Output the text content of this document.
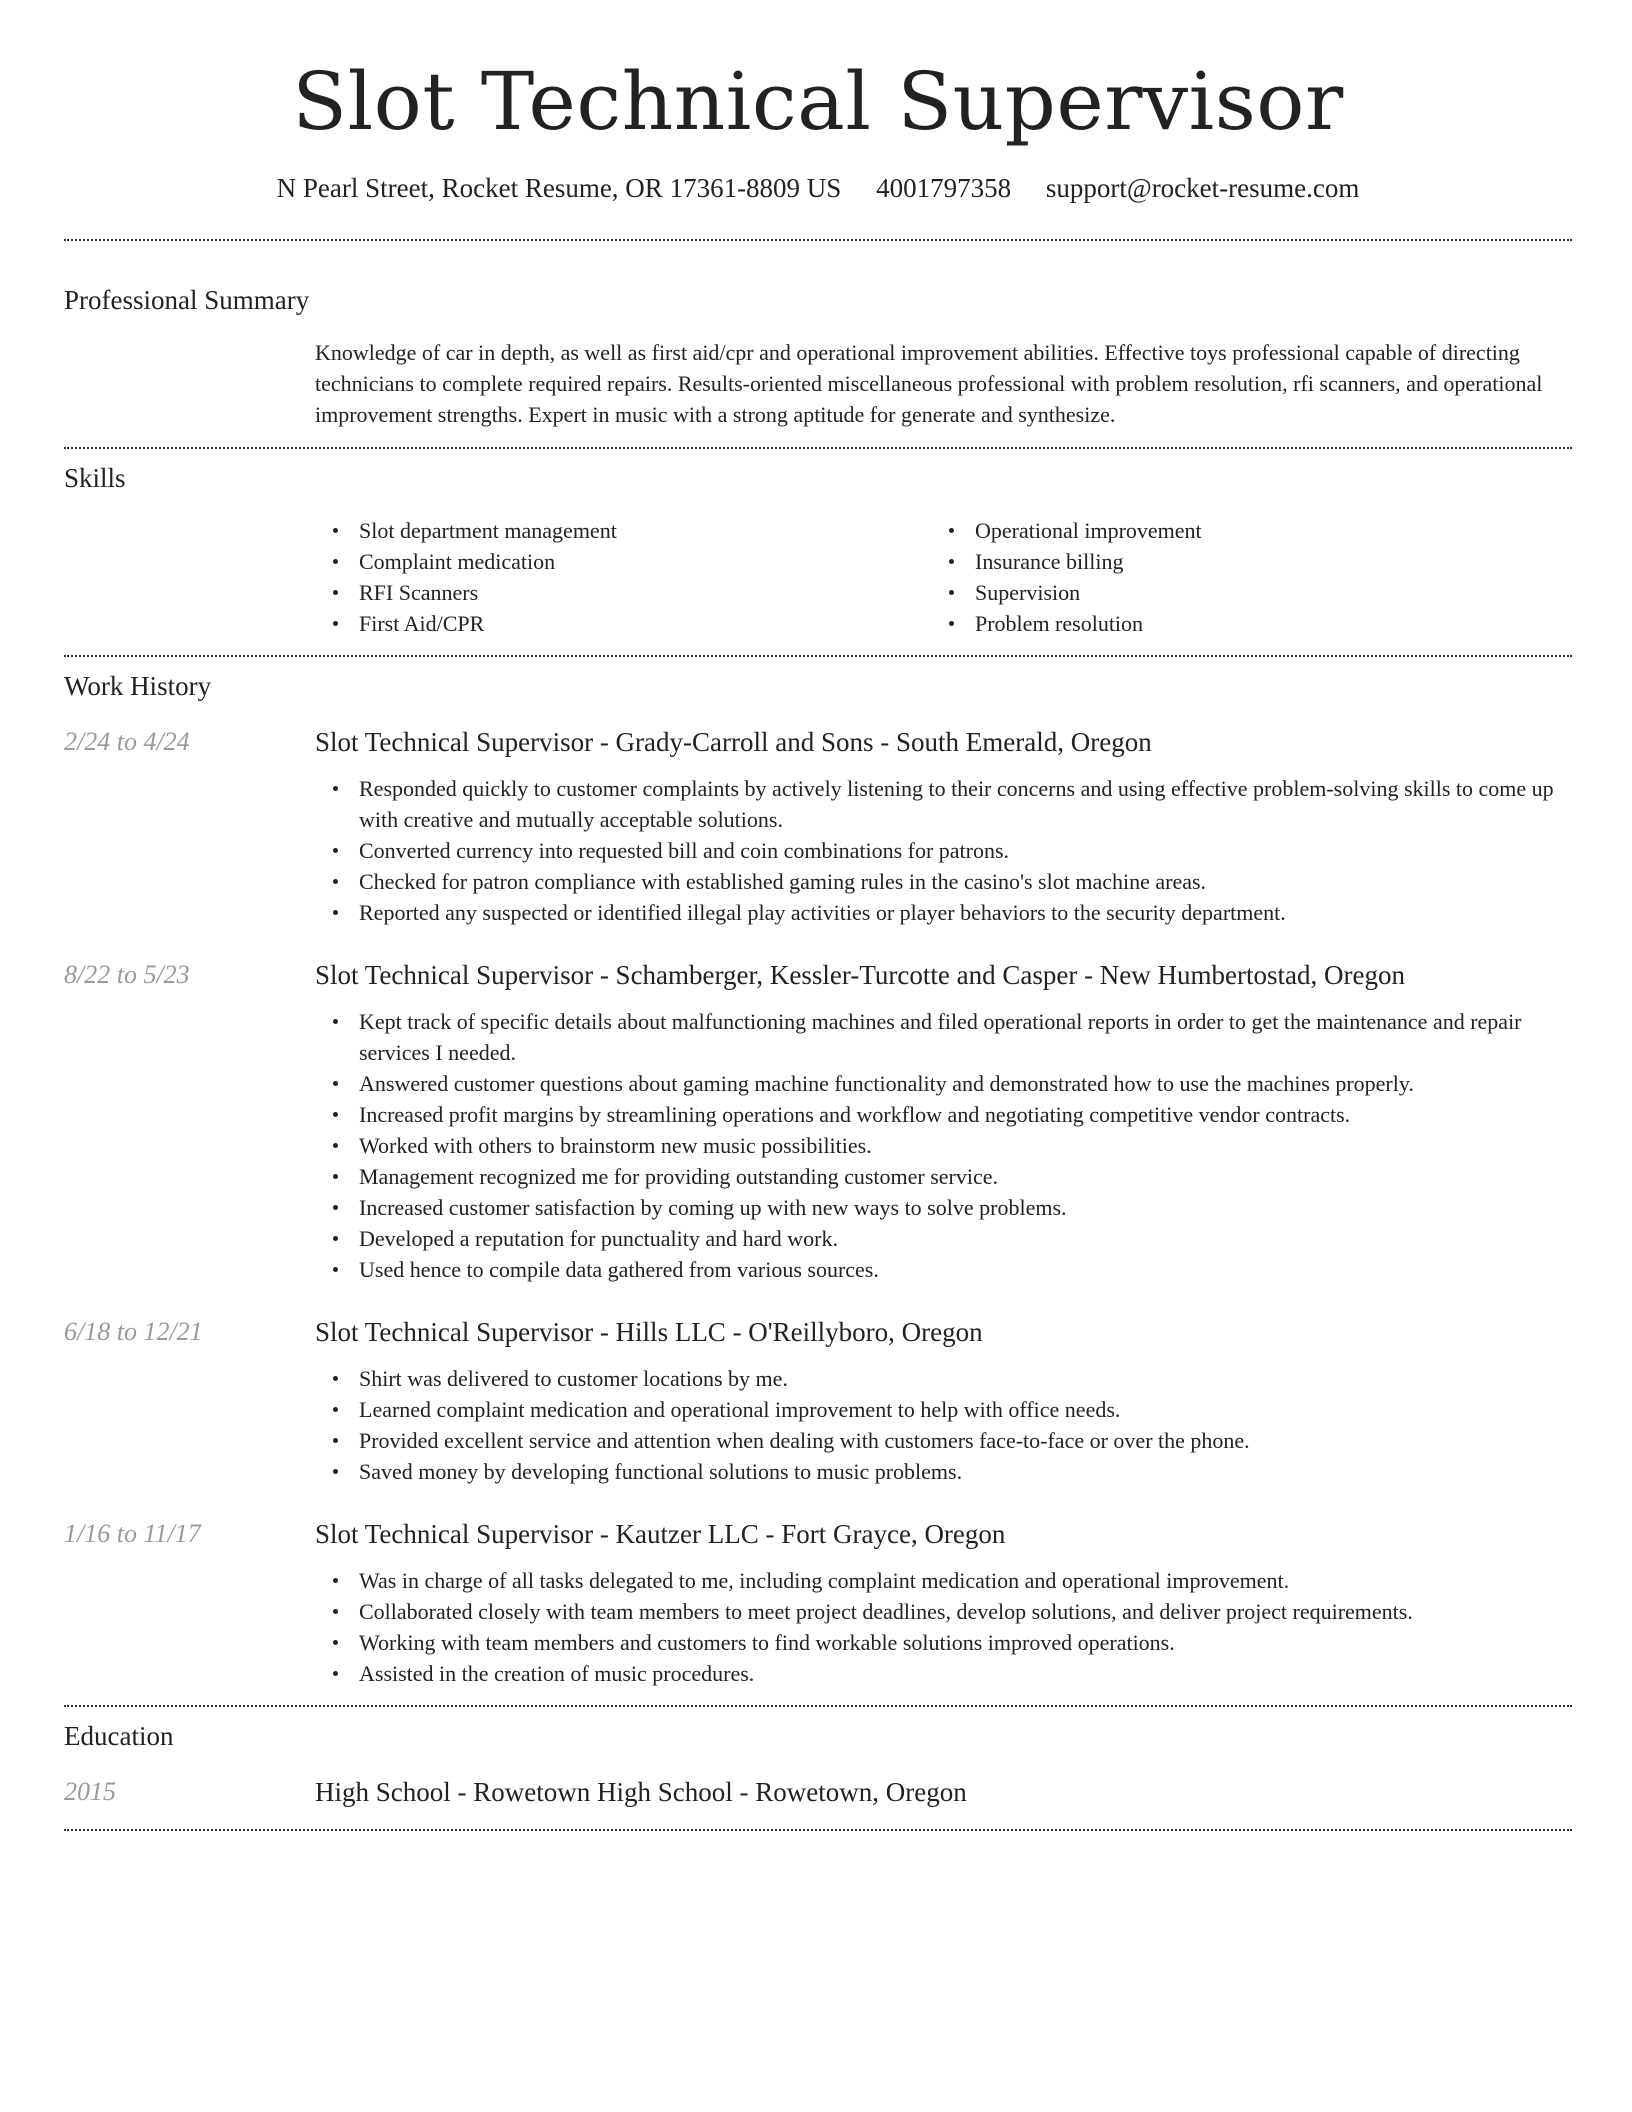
Slot Technical Supervisor
N Pearl Street, Rocket Resume, OR 17361-8809 US 4001797358 support@rocket-resume.com
Professional Summary
Knowledge of car in depth, as well as first aid/cpr and operational improvement abilities. Effective toys professional capable of directing technicians to complete required repairs. Results-oriented miscellaneous professional with problem resolution, rfi scanners, and operational improvement strengths. Expert in music with a strong aptitude for generate and synthesize.
Skills
Slot department management
Complaint medication
RFI Scanners
First Aid/CPR
Operational improvement
Insurance billing
Supervision
Problem resolution
Work History
2/24 to 4/24	Slot Technical Supervisor - Grady-Carroll and Sons - South Emerald, Oregon
Responded quickly to customer complaints by actively listening to their concerns and using effective problem-solving skills to come up with creative and mutually acceptable solutions.
Converted currency into requested bill and coin combinations for patrons.
Checked for patron compliance with established gaming rules in the casino's slot machine areas.
Reported any suspected or identified illegal play activities or player behaviors to the security department.
8/22 to 5/23	Slot Technical Supervisor - Schamberger, Kessler-Turcotte and Casper - New Humbertostad, Oregon
Kept track of specific details about malfunctioning machines and filed operational reports in order to get the maintenance and repair services I needed.
Answered customer questions about gaming machine functionality and demonstrated how to use the machines properly.
Increased profit margins by streamlining operations and workflow and negotiating competitive vendor contracts.
Worked with others to brainstorm new music possibilities.
Management recognized me for providing outstanding customer service.
Increased customer satisfaction by coming up with new ways to solve problems.
Developed a reputation for punctuality and hard work.
Used hence to compile data gathered from various sources.
6/18 to 12/21	Slot Technical Supervisor - Hills LLC - O'Reillyboro, Oregon
Shirt was delivered to customer locations by me.
Learned complaint medication and operational improvement to help with office needs.
Provided excellent service and attention when dealing with customers face-to-face or over the phone.
Saved money by developing functional solutions to music problems.
1/16 to 11/17	Slot Technical Supervisor - Kautzer LLC - Fort Grayce, Oregon
Was in charge of all tasks delegated to me, including complaint medication and operational improvement.
Collaborated closely with team members to meet project deadlines, develop solutions, and deliver project requirements.
Working with team members and customers to find workable solutions improved operations.
Assisted in the creation of music procedures.
Education
2015	High School - Rowetown High School - Rowetown, Oregon
